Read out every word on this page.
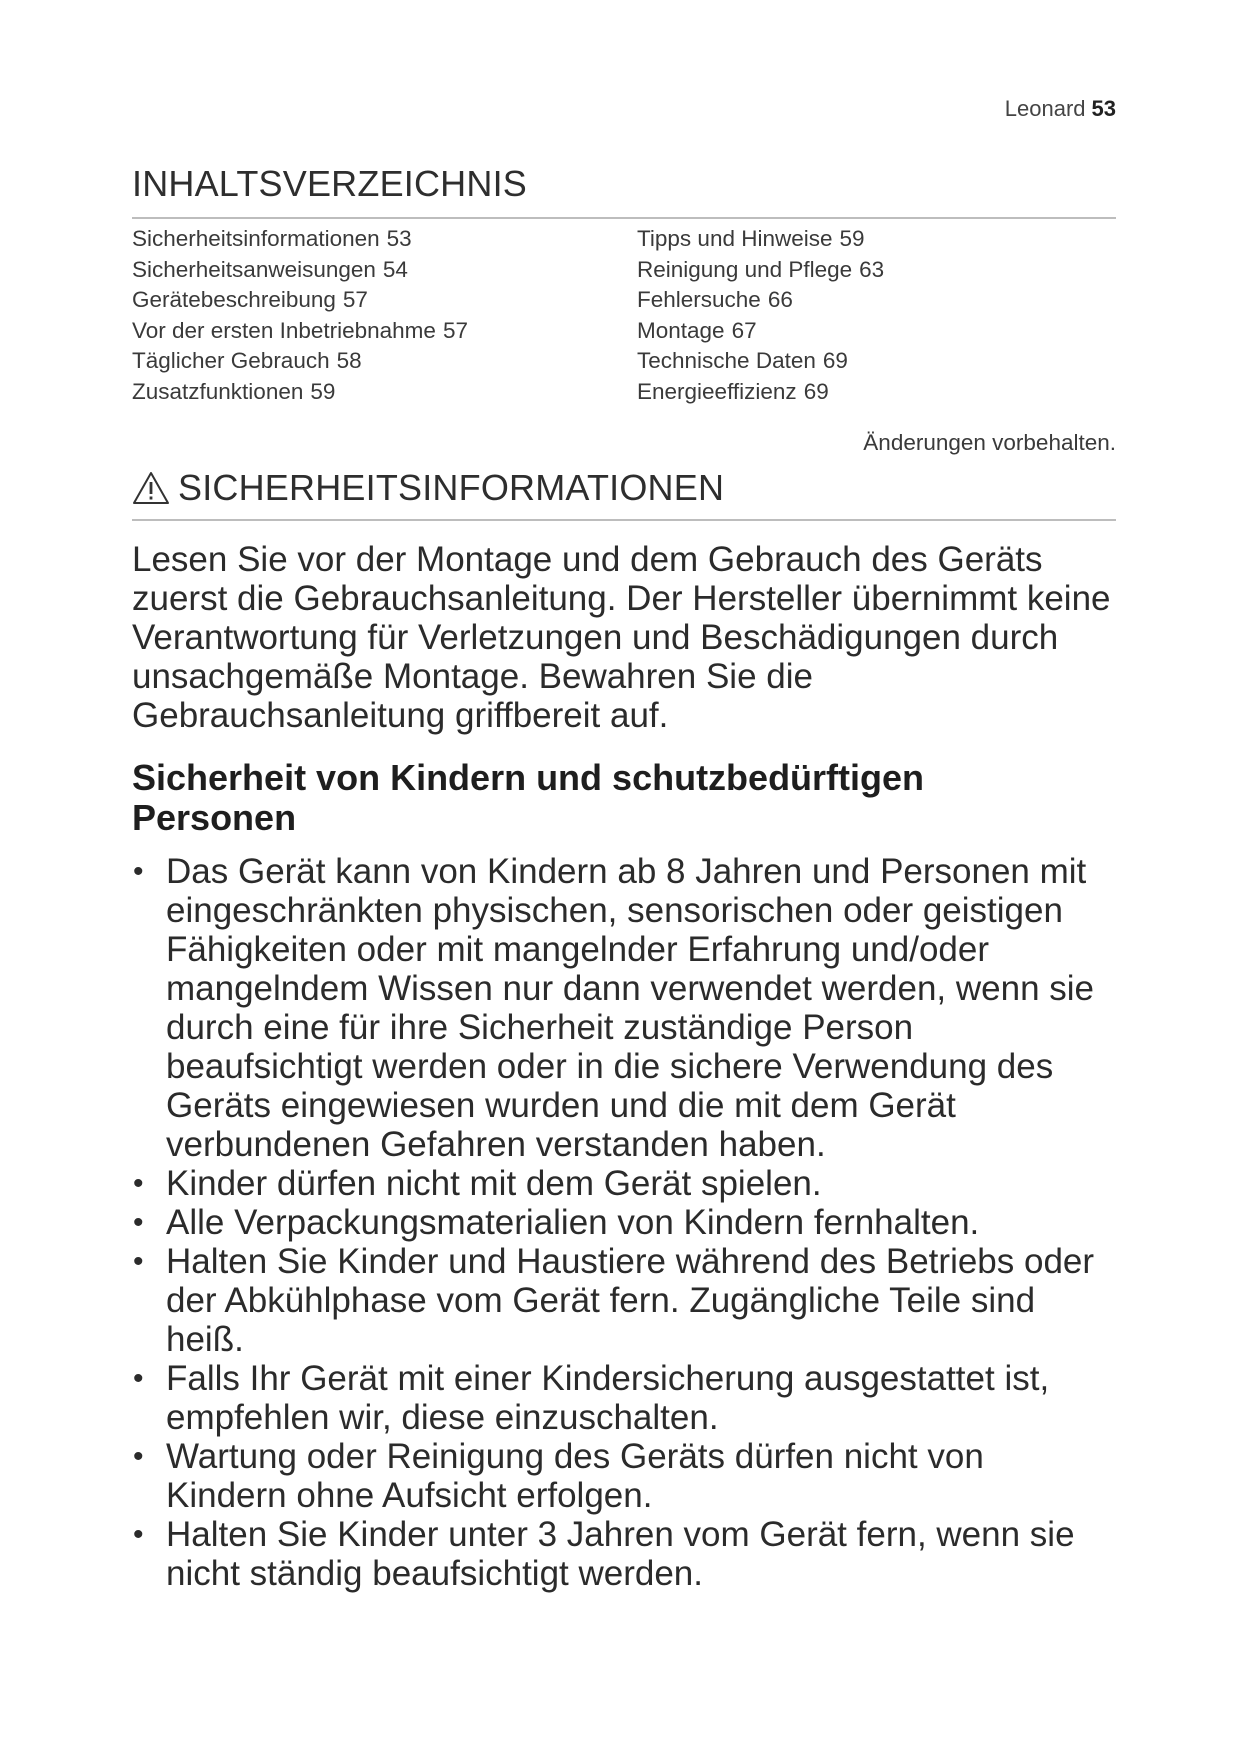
Leonard 53
INHALTSVERZEICHNIS
Sicherheitsinformationen 53
Sicherheitsanweisungen 54
Gerätebeschreibung 57
Vor der ersten Inbetriebnahme 57
Täglicher Gebrauch 58
Zusatzfunktionen 59
Tipps und Hinweise 59
Reinigung und Pflege 63
Fehlersuche 66
Montage 67
Technische Daten 69
Energieeffizienz 69
Änderungen vorbehalten.
SICHERHEITSINFORMATIONEN

Lesen Sie vor der Montage und dem Gebrauch des Geräts
zuerst die Gebrauchsanleitung. Der Hersteller übernimmt keine
Verantwortung für Verletzungen und Beschädigungen durch
unsachgemäße Montage. Bewahren Sie die
Gebrauchsanleitung griffbereit auf.

Sicherheit von Kindern und schutzbedürftigen
Personen
• Das Gerät kann von Kindern ab 8 Jahren und Personen mit
eingeschränkten physischen, sensorischen oder geistigen
Fähigkeiten oder mit mangelnder Erfahrung und/oder
mangelndem Wissen nur dann verwendet werden, wenn sie
durch eine für ihre Sicherheit zuständige Person
beaufsichtigt werden oder in die sichere Verwendung des
Geräts eingewiesen wurden und die mit dem Gerät
verbundenen Gefahren verstanden haben.
• Kinder dürfen nicht mit dem Gerät spielen.
• Alle Verpackungsmaterialien von Kindern fernhalten.
• Halten Sie Kinder und Haustiere während des Betriebs oder
der Abkühlphase vom Gerät fern. Zugängliche Teile sind
heiß.
• Falls Ihr Gerät mit einer Kindersicherung ausgestattet ist,
empfehlen wir, diese einzuschalten.
• Wartung oder Reinigung des Geräts dürfen nicht von
Kindern ohne Aufsicht erfolgen.
• Halten Sie Kinder unter 3 Jahren vom Gerät fern, wenn sie
nicht ständig beaufsichtigt werden.
